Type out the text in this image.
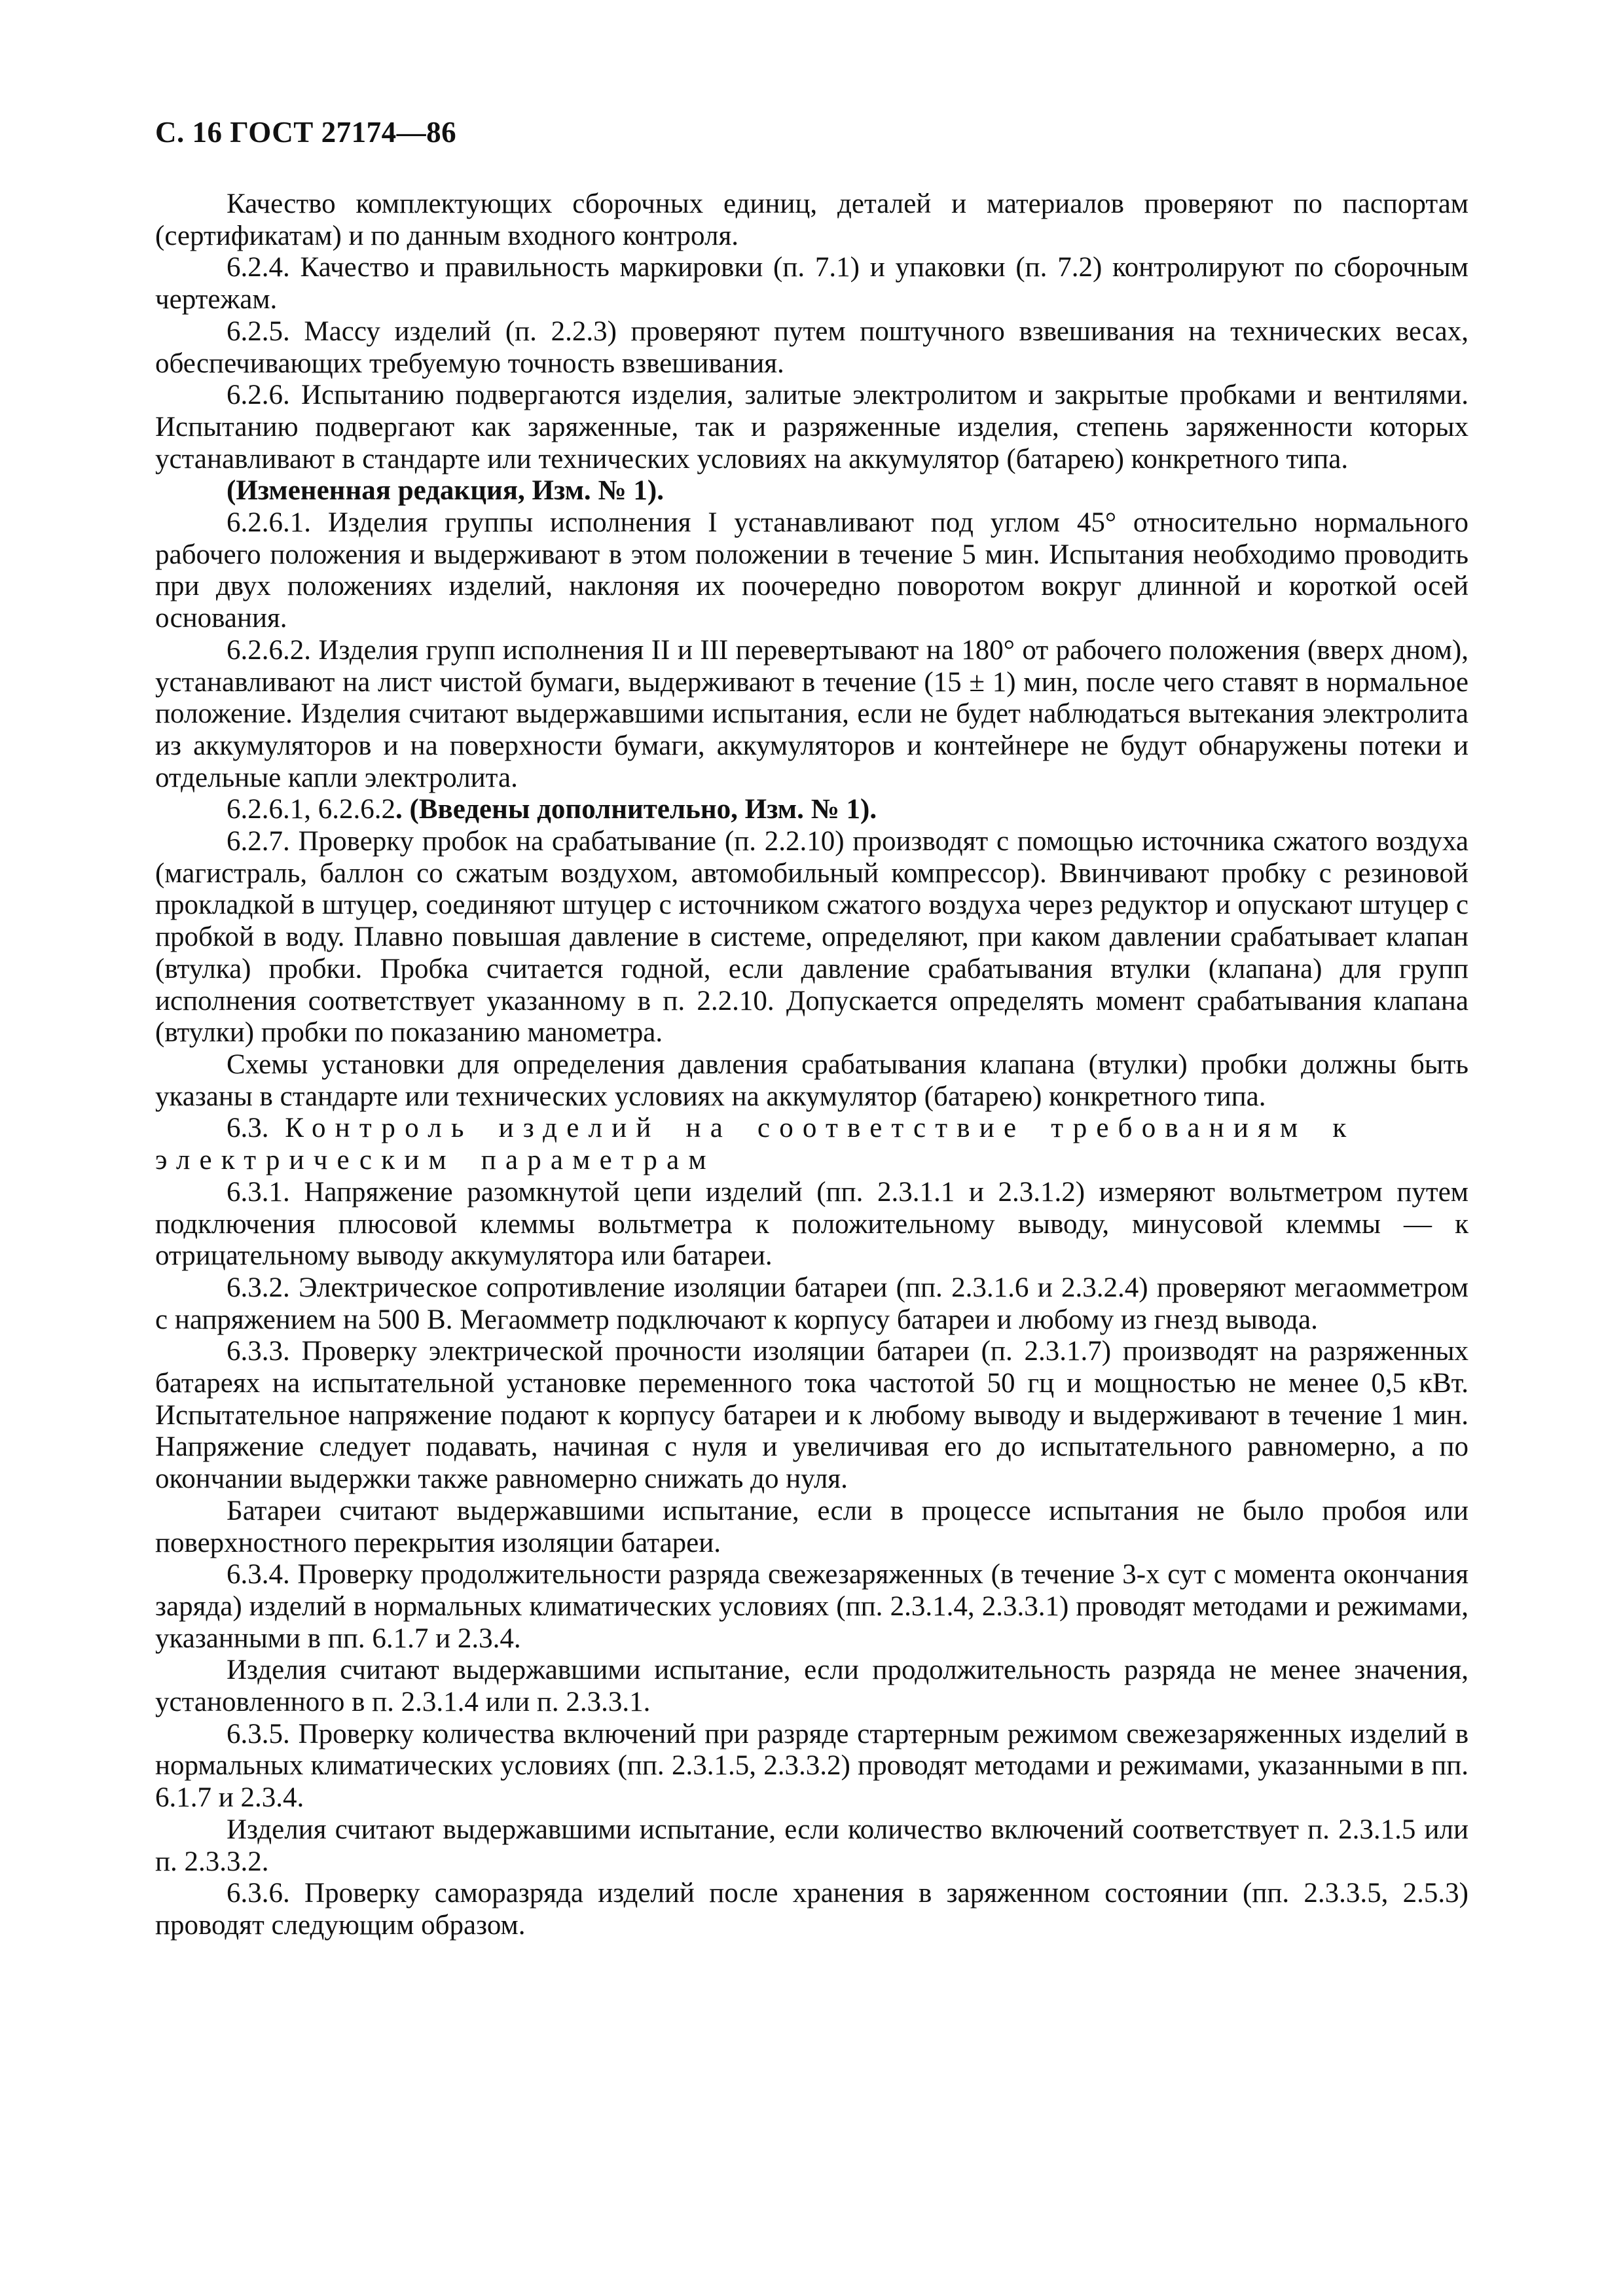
С. 16 ГОСТ 27174—86

Качество комплектующих сборочных единиц, деталей и материалов проверяют по паспортам (сертификатам) и по данным входного контроля.

6.2.4. Качество и правильность маркировки (п. 7.1) и упаковки (п. 7.2) контролируют по сборочным чертежам.

6.2.5. Массу изделий (п. 2.2.3) проверяют путем поштучного взвешивания на технических весах, обеспечивающих требуемую точность взвешивания.

6.2.6. Испытанию подвергаются изделия, залитые электролитом и закрытые пробками и вентилями. Испытанию подвергают как заряженные, так и разряженные изделия, степень заряженности которых устанавливают в стандарте или технических условиях на аккумулятор (батарею) конкретного типа.

(Измененная редакция, Изм. № 1).

6.2.6.1. Изделия группы исполнения I устанавливают под углом 45° относительно нормального рабочего положения и выдерживают в этом положении в течение 5 мин. Испытания необходимо проводить при двух положениях изделий, наклоняя их поочередно поворотом вокруг длинной и короткой осей основания.

6.2.6.2. Изделия групп исполнения II и III перевертывают на 180° от рабочего положения (вверх дном), устанавливают на лист чистой бумаги, выдерживают в течение (15 ± 1) мин, после чего ставят в нормальное положение. Изделия считают выдержавшими испытания, если не будет наблюдаться вытекания электролита из аккумуляторов и на поверхности бумаги, аккумуляторов и контейнере не будут обнаружены потеки и отдельные капли электролита.

6.2.6.1, 6.2.6.2. (Введены дополнительно, Изм. № 1).

6.2.7. Проверку пробок на срабатывание (п. 2.2.10) производят с помощью источника сжатого воздуха (магистраль, баллон со сжатым воздухом, автомобильный компрессор). Ввинчивают пробку с резиновой прокладкой в штуцер, соединяют штуцер с источником сжатого воздуха через редуктор и опускают штуцер с пробкой в воду. Плавно повышая давление в системе, определяют, при каком давлении срабатывает клапан (втулка) пробки. Пробка считается годной, если давление срабатывания втулки (клапана) для групп исполнения соответствует указанному в п. 2.2.10. Допускается определять момент срабатывания клапана (втулки) пробки по показанию манометра.

Схемы установки для определения давления срабатывания клапана (втулки) пробки должны быть указаны в стандарте или технических условиях на аккумулятор (батарею) конкретного типа.

6.3. Контроль изделий на соответствие требованиям к электрическим параметрам

6.3.1. Напряжение разомкнутой цепи изделий (пп. 2.3.1.1 и 2.3.1.2) измеряют вольтметром путем подключения плюсовой клеммы вольтметра к положительному выводу, минусовой клеммы — к отрицательному выводу аккумулятора или батареи.

6.3.2. Электрическое сопротивление изоляции батареи (пп. 2.3.1.6 и 2.3.2.4) проверяют мегаомметром с напряжением на 500 В. Мегаомметр подключают к корпусу батареи и любому из гнезд вывода.

6.3.3. Проверку электрической прочности изоляции батареи (п. 2.3.1.7) производят на разряженных батареях на испытательной установке переменного тока частотой 50 гц и мощностью не менее 0,5 кВт. Испытательное напряжение подают к корпусу батареи и к любому выводу и выдерживают в течение 1 мин. Напряжение следует подавать, начиная с нуля и увеличивая его до испытательного равномерно, а по окончании выдержки также равномерно снижать до нуля.

Батареи считают выдержавшими испытание, если в процессе испытания не было пробоя или поверхностного перекрытия изоляции батареи.

6.3.4. Проверку продолжительности разряда свежезаряженных (в течение 3-х сут с момента окончания заряда) изделий в нормальных климатических условиях (пп. 2.3.1.4, 2.3.3.1) проводят методами и режимами, указанными в пп. 6.1.7 и 2.3.4.

Изделия считают выдержавшими испытание, если продолжительность разряда не менее значения, установленного в п. 2.3.1.4 или п. 2.3.3.1.

6.3.5. Проверку количества включений при разряде стартерным режимом свежезаряженных изделий в нормальных климатических условиях (пп. 2.3.1.5, 2.3.3.2) проводят методами и режимами, указанными в пп. 6.1.7 и 2.3.4.

Изделия считают выдержавшими испытание, если количество включений соответствует п. 2.3.1.5 или п. 2.3.3.2.

6.3.6. Проверку саморазряда изделий после хранения в заряженном состоянии (пп. 2.3.3.5, 2.5.3) проводят следующим образом.
